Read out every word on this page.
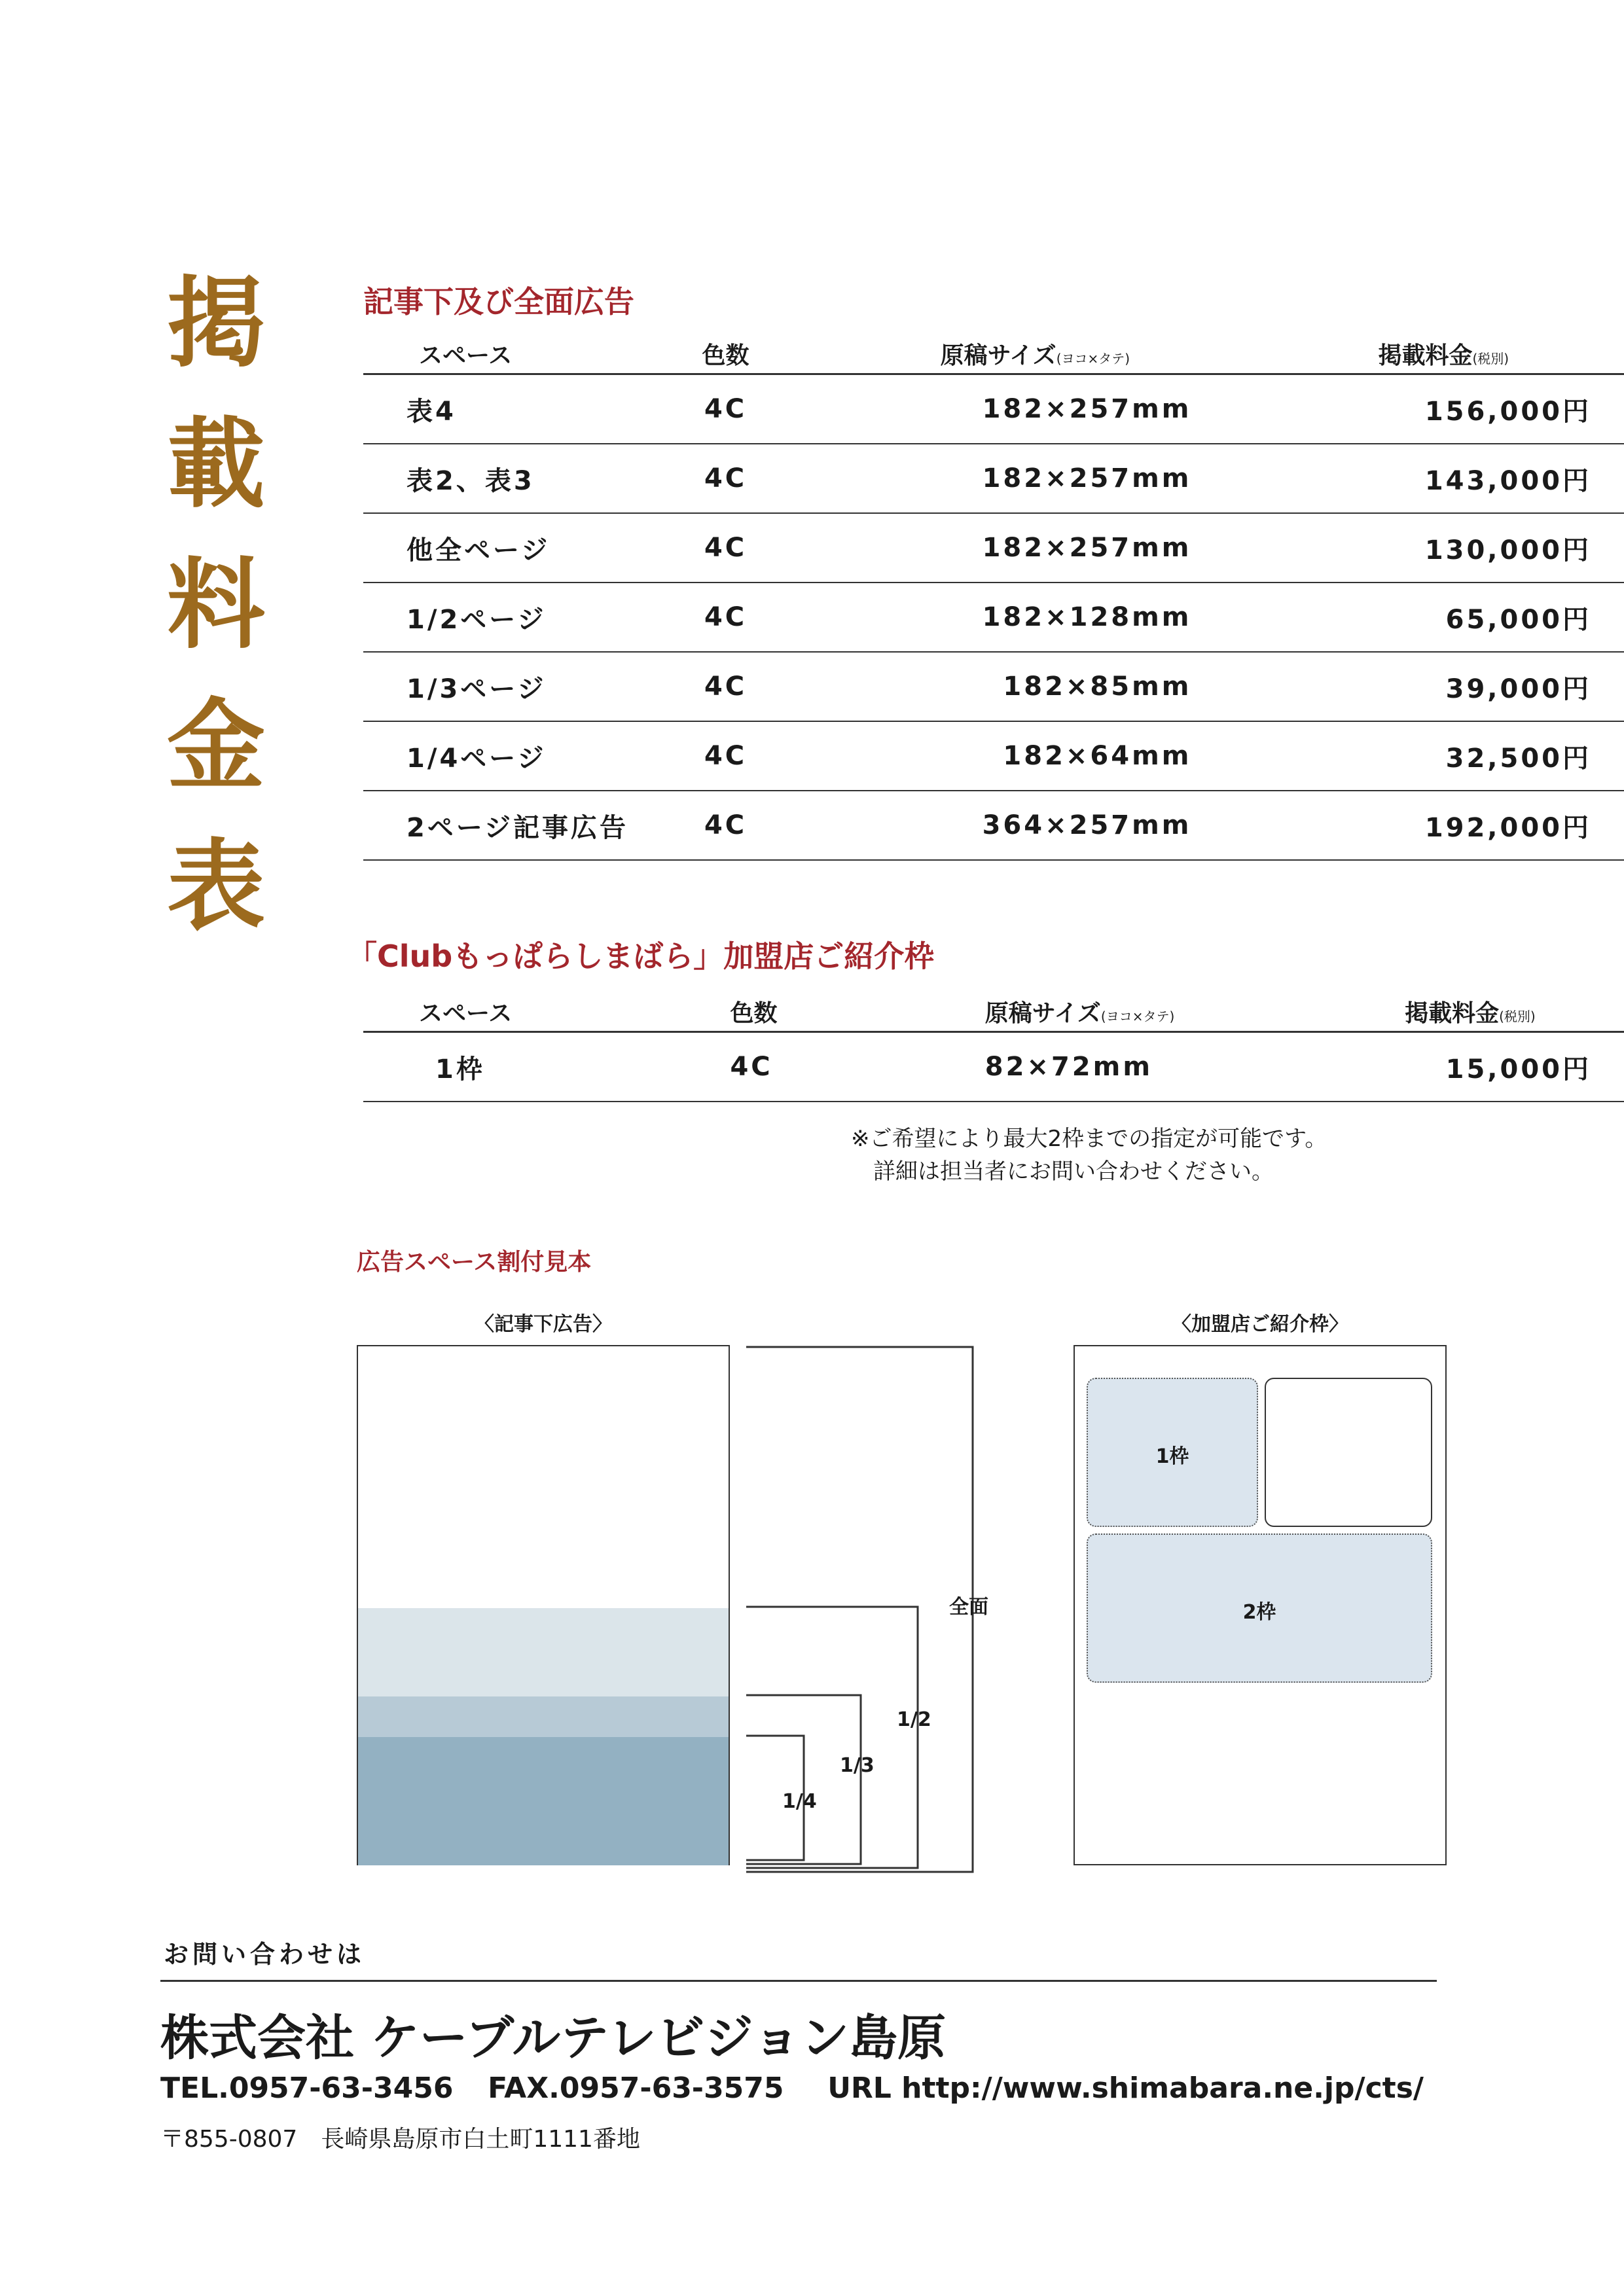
掲
載
料
金
表
記事下及び全面広告
スペース	色数	原稿サイズ(ヨコ×タテ)	掲載料金(税別)
表4	4C	182×257mm	156,000円
表2、表3	4C	182×257mm	143,000円
他全ページ	4C	182×257mm	130,000円
1/2ページ	4C	182×128mm	65,000円
1/3ページ	4C	182×85mm	39,000円
1/4ページ	4C	182×64mm	32,500円
2ページ記事広告	4C	364×257mm	192,000円
「Clubもっぱらしまばら」加盟店ご紹介枠
スペース	色数	原稿サイズ(ヨコ×タテ)	掲載料金(税別)
1枠	4C	82×72mm	15,000円
※ご希望により最大2枠までの指定が可能です。
詳細は担当者にお問い合わせください。
広告スペース割付見本
〈記事下広告〉	〈加盟店ご紹介枠〉
全面
1/2
1/3
1/4
1枠
2枠
お問い合わせは
株式会社 ケーブルテレビジョン島原
TEL.0957-63-3456 FAX.0957-63-3575 URL http://www.shimabara.ne.jp/cts/
〒855-0807　長崎県島原市白土町1111番地
